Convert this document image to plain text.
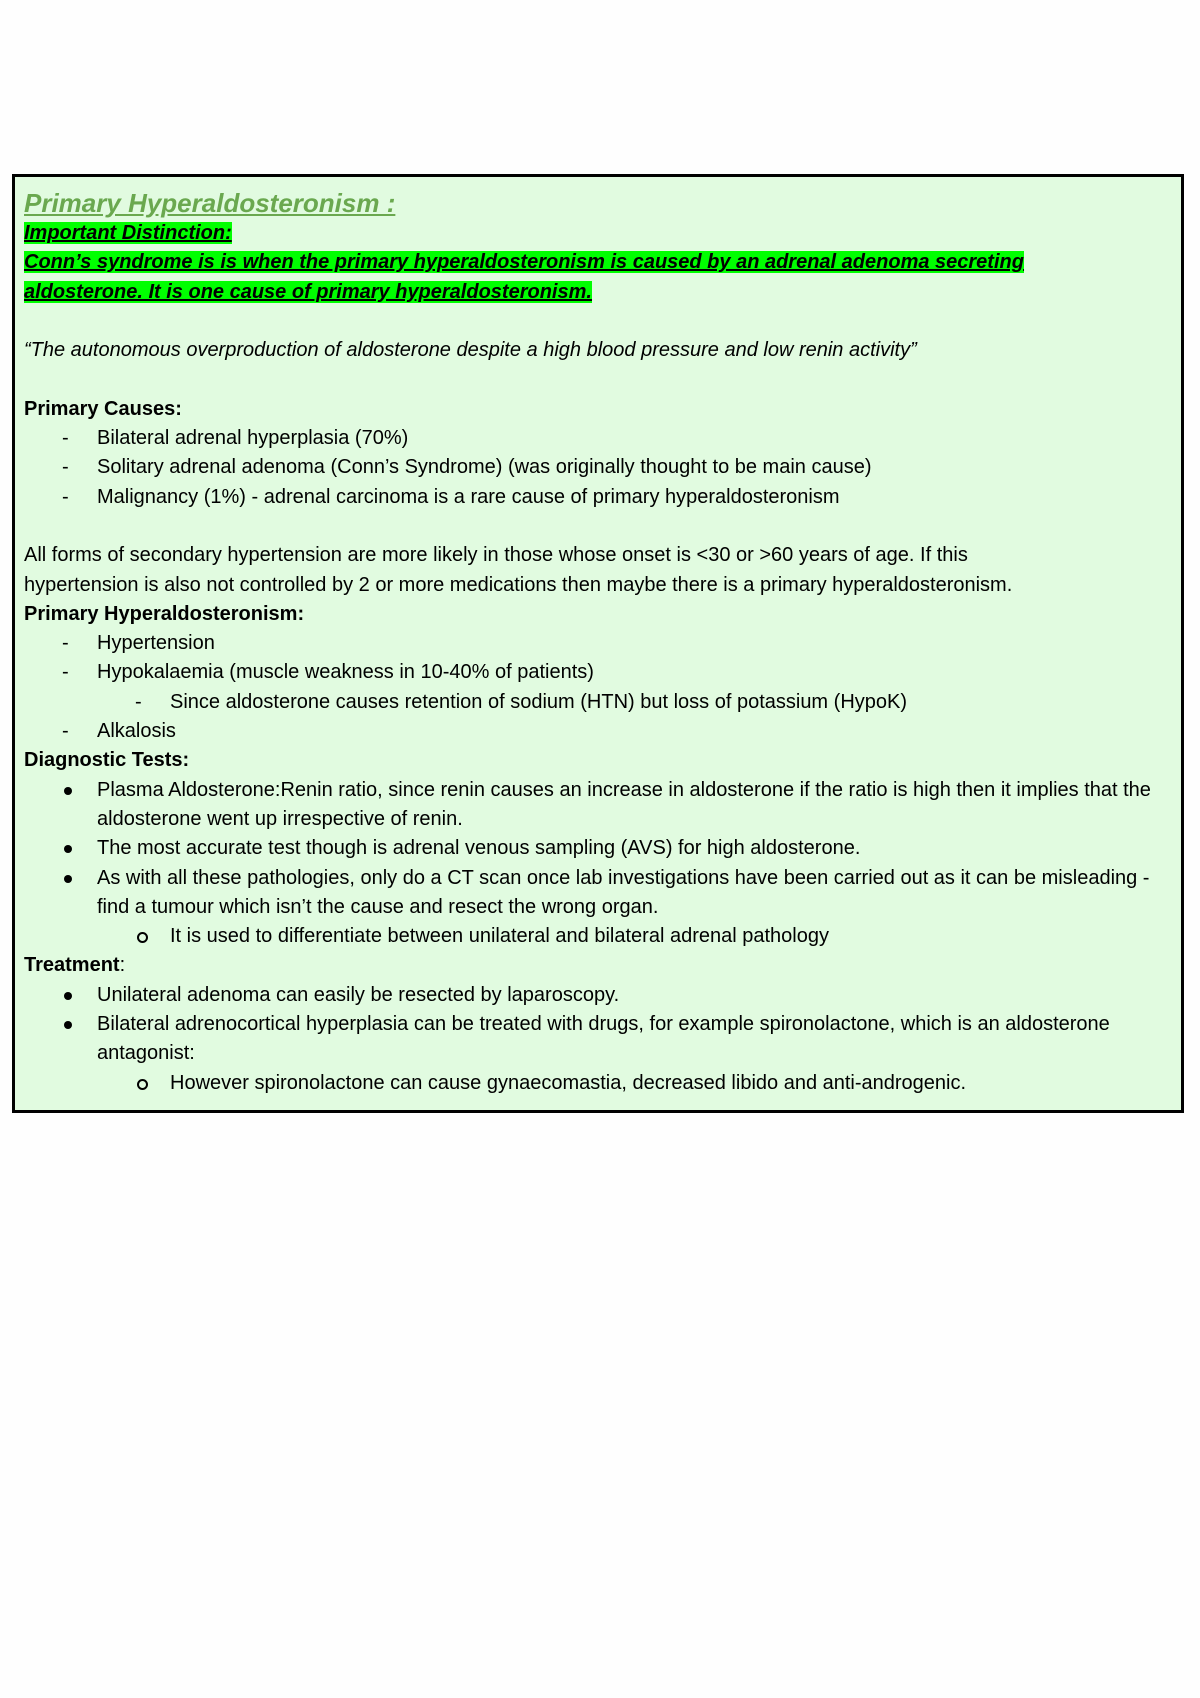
Primary Hyperaldosteronism :
Important Distinction:
Conn’s syndrome is is when the primary hyperaldosteronism is caused by an adrenal adenoma secreting
aldosterone. It is one cause of primary hyperaldosteronism.
“The autonomous overproduction of aldosterone despite a high blood pressure and low renin activity”
Primary Causes:
-
Bilateral adrenal hyperplasia (70%)
-
Solitary adrenal adenoma (Conn’s Syndrome) (was originally thought to be main cause)
-
Malignancy (1%) - adrenal carcinoma is a rare cause of primary hyperaldosteronism
All forms of secondary hypertension are more likely in those whose onset is <30 or >60 years of age. If this
hypertension is also not controlled by 2 or more medications then maybe there is a primary hyperaldosteronism.
Primary Hyperaldosteronism:
-
Hypertension
-
Hypokalaemia (muscle weakness in 10-40% of patients)
-
Since aldosterone causes retention of sodium (HTN) but loss of potassium (HypoK)
-
Alkalosis
Diagnostic Tests:
Plasma Aldosterone:Renin ratio, since renin causes an increase in aldosterone if the ratio is high then it implies that the aldosterone went up irrespective of renin.
The most accurate test though is adrenal venous sampling (AVS) for high aldosterone.
As with all these pathologies, only do a CT scan once lab investigations have been carried out as it can be misleading - find a tumour which isn’t the cause and resect the wrong organ.
It is used to differentiate between unilateral and bilateral adrenal pathology
Treatment:
Unilateral adenoma can easily be resected by laparoscopy.
Bilateral adrenocortical hyperplasia can be treated with drugs, for example spironolactone, which is an aldosterone antagonist:
However spironolactone can cause gynaecomastia, decreased libido and anti-androgenic.
